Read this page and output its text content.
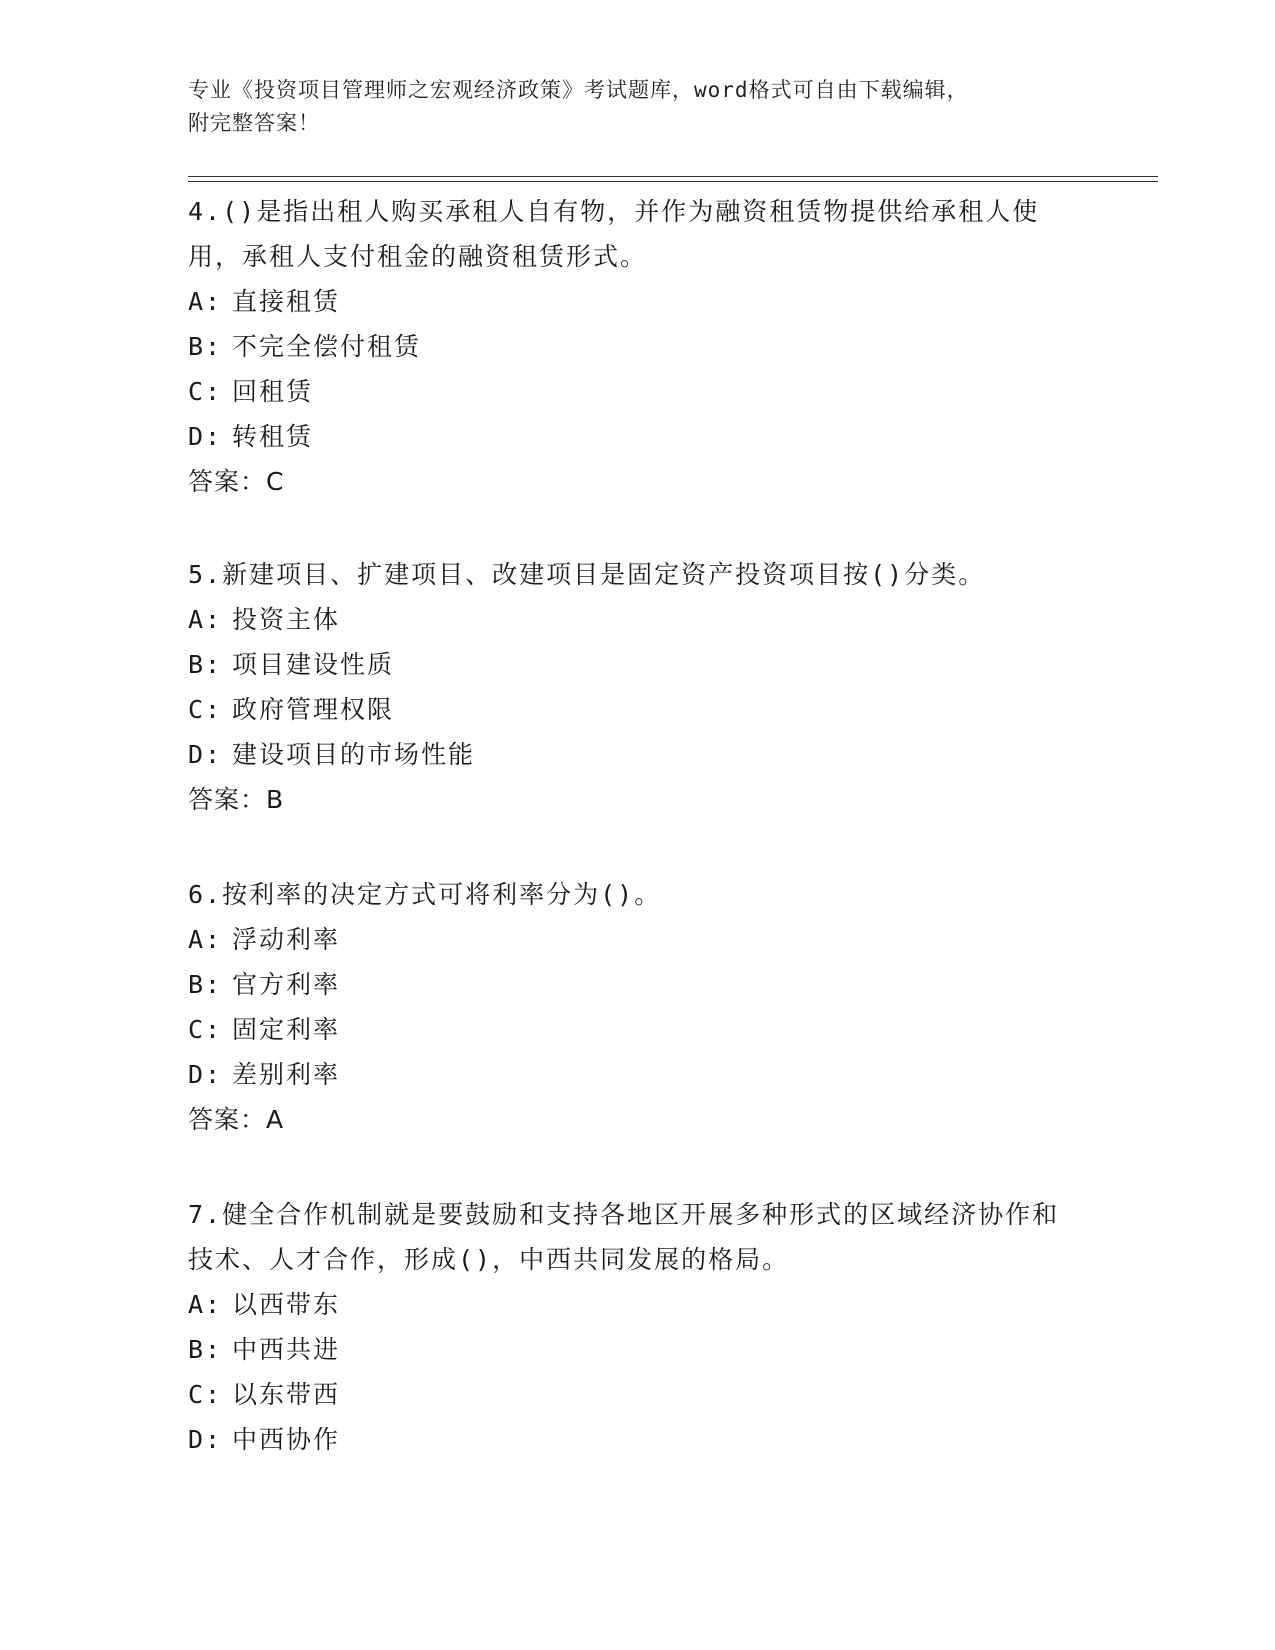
专业《投资项目管理师之宏观经济政策》考试题库，word格式可自由下载编辑，
附完整答案！

4.()是指出租人购买承租人自有物，并作为融资租赁物提供给承租人使用，承租人支付租金的融资租赁形式。

A: 直接租赁

B: 不完全偿付租赁

C: 回租赁

D: 转租赁

答案：C

5.新建项目、扩建项目、改建项目是固定资产投资项目按()分类。

A: 投资主体

B: 项目建设性质

C: 政府管理权限

D: 建设项目的市场性能

答案：B

6.按利率的决定方式可将利率分为()。

A: 浮动利率

B: 官方利率

C: 固定利率

D: 差别利率

答案：A

7.健全合作机制就是要鼓励和支持各地区开展多种形式的区域经济协作和技术、人才合作，形成()，中西共同发展的格局。

A: 以西带东

B: 中西共进

C: 以东带西

D: 中西协作
